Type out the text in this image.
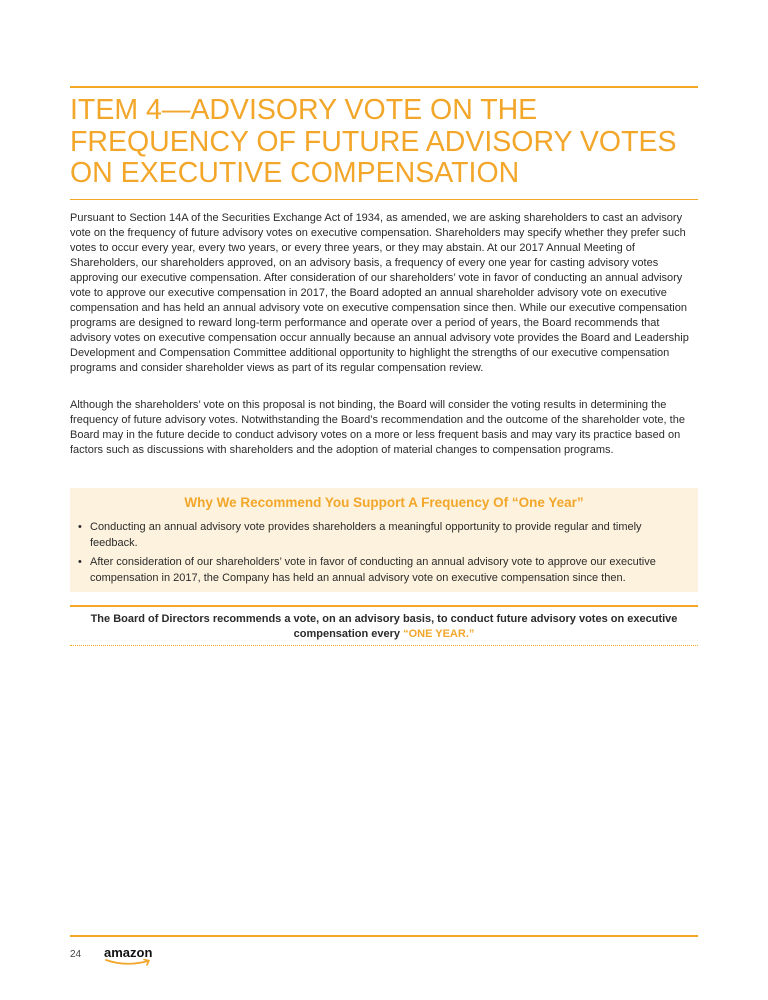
ITEM 4—ADVISORY VOTE ON THE FREQUENCY OF FUTURE ADVISORY VOTES ON EXECUTIVE COMPENSATION

Pursuant to Section 14A of the Securities Exchange Act of 1934, as amended, we are asking shareholders to cast an advisory vote on the frequency of future advisory votes on executive compensation. Shareholders may specify whether they prefer such votes to occur every year, every two years, or every three years, or they may abstain. At our 2017 Annual Meeting of Shareholders, our shareholders approved, on an advisory basis, a frequency of every one year for casting advisory votes approving our executive compensation. After consideration of our shareholders’ vote in favor of conducting an annual advisory vote to approve our executive compensation in 2017, the Board adopted an annual shareholder advisory vote on executive compensation and has held an annual advisory vote on executive compensation since then. While our executive compensation programs are designed to reward long-term performance and operate over a period of years, the Board recommends that advisory votes on executive compensation occur annually because an annual advisory vote provides the Board and Leadership Development and Compensation Committee additional opportunity to highlight the strengths of our executive compensation programs and consider shareholder views as part of its regular compensation review.

Although the shareholders’ vote on this proposal is not binding, the Board will consider the voting results in determining the frequency of future advisory votes. Notwithstanding the Board’s recommendation and the outcome of the shareholder vote, the Board may in the future decide to conduct advisory votes on a more or less frequent basis and may vary its practice based on factors such as discussions with shareholders and the adoption of material changes to compensation programs.

Why We Recommend You Support A Frequency Of “One Year”
• Conducting an annual advisory vote provides shareholders a meaningful opportunity to provide regular and timely feedback.
• After consideration of our shareholders’ vote in favor of conducting an annual advisory vote to approve our executive compensation in 2017, the Company has held an annual advisory vote on executive compensation since then.

The Board of Directors recommends a vote, on an advisory basis, to conduct future advisory votes on executive compensation every “ONE YEAR.”

24 amazon
